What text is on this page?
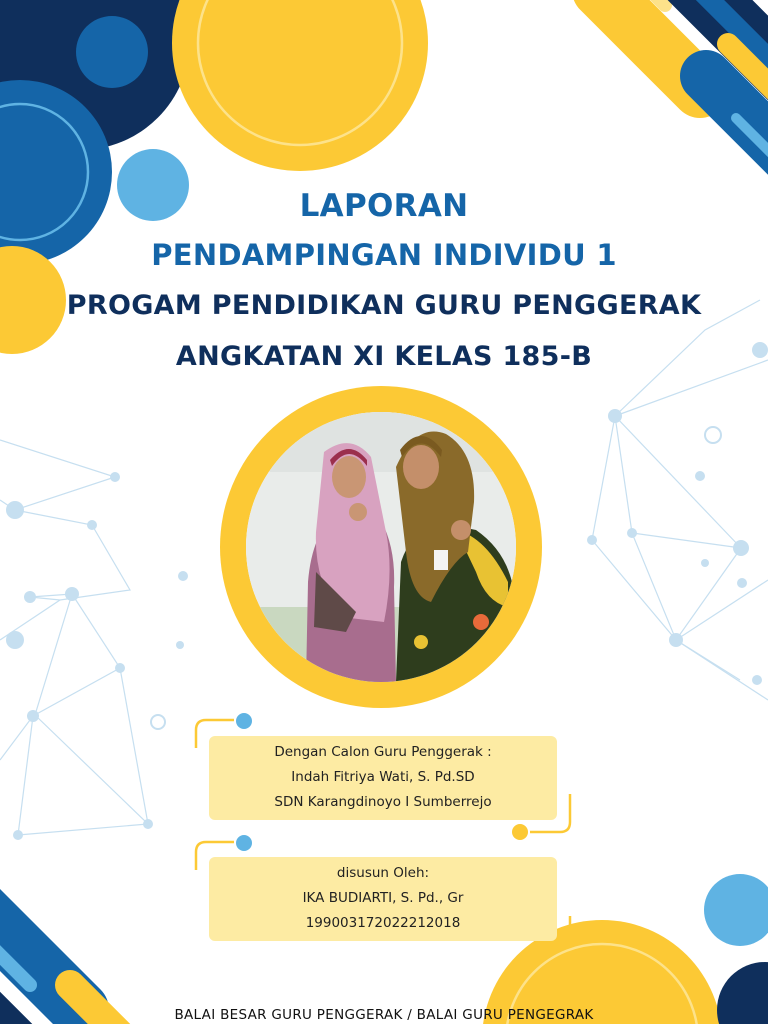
LAPORAN
PENDAMPINGAN INDIVIDU 1
PROGAM PENDIDIKAN GURU PENGGERAK
ANGKATAN XI KELAS 185-B
Dengan Calon Guru Penggerak :
Indah Fitriya Wati, S. Pd.SD
SDN Karangdinoyo I Sumberrejo
disusun Oleh:
IKA BUDIARTI, S. Pd., Gr
199003172022212018
BALAI BESAR GURU PENGGERAK / BALAI GURU PENGEGRAK
